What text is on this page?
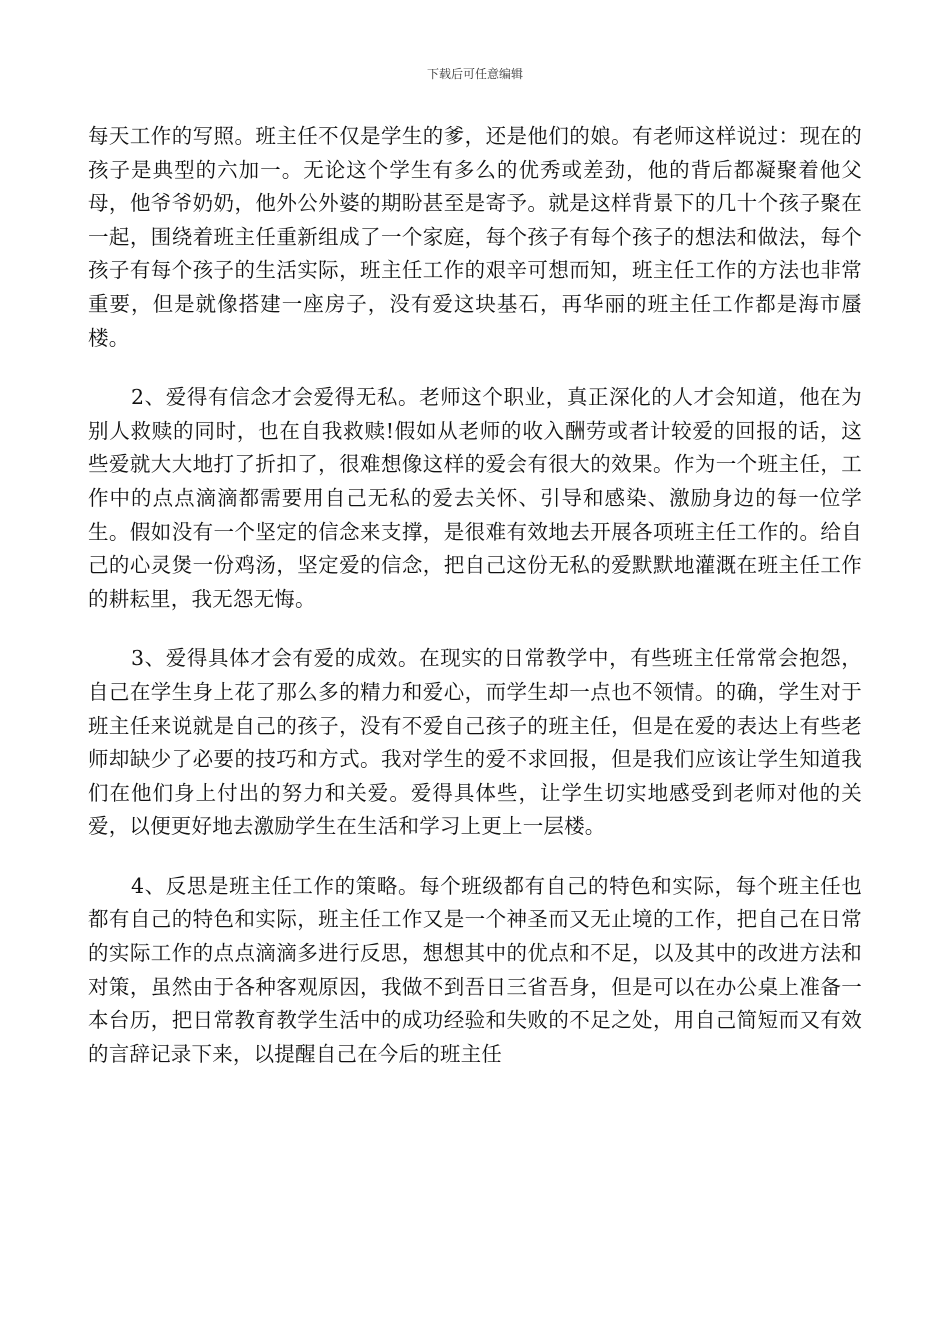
下载后可任意编辑

每天工作的写照。班主任不仅是学生的爹，还是他们的娘。有老师这样说过：现在的孩子是典型的六加一。无论这个学生有多么的优秀或差劲，他的背后都凝聚着他父母，他爷爷奶奶，他外公外婆的期盼甚至是寄予。就是这样背景下的几十个孩子聚在一起，围绕着班主任重新组成了一个家庭，每个孩子有每个孩子的想法和做法，每个孩子有每个孩子的生活实际，班主任工作的艰辛可想而知，班主任工作的方法也非常重要，但是就像搭建一座房子，没有爱这块基石，再华丽的班主任工作都是海市蜃楼。

2、爱得有信念才会爱得无私。老师这个职业，真正深化的人才会知道，他在为别人救赎的同时，也在自我救赎!假如从老师的收入酬劳或者计较爱的回报的话，这些爱就大大地打了折扣了，很难想像这样的爱会有很大的效果。作为一个班主任，工作中的点点滴滴都需要用自己无私的爱去关怀、引导和感染、激励身边的每一位学生。假如没有一个坚定的信念来支撑，是很难有效地去开展各项班主任工作的。给自己的心灵煲一份鸡汤，坚定爱的信念，把自己这份无私的爱默默地灌溉在班主任工作的耕耘里，我无怨无悔。

3、爱得具体才会有爱的成效。在现实的日常教学中，有些班主任常常会抱怨，自己在学生身上花了那么多的精力和爱心，而学生却一点也不领情。的确，学生对于班主任来说就是自己的孩子，没有不爱自己孩子的班主任，但是在爱的表达上有些老师却缺少了必要的技巧和方式。我对学生的爱不求回报，但是我们应该让学生知道我们在他们身上付出的努力和关爱。爱得具体些，让学生切实地感受到老师对他的关爱，以便更好地去激励学生在生活和学习上更上一层楼。

4、反思是班主任工作的策略。每个班级都有自己的特色和实际，每个班主任也都有自己的特色和实际，班主任工作又是一个神圣而又无止境的工作，把自己在日常的实际工作的点点滴滴多进行反思，想想其中的优点和不足，以及其中的改进方法和对策，虽然由于各种客观原因，我做不到吾日三省吾身，但是可以在办公桌上准备一本台历，把日常教育教学生活中的成功经验和失败的不足之处，用自己简短而又有效的言辞记录下来，以提醒自己在今后的班主任
